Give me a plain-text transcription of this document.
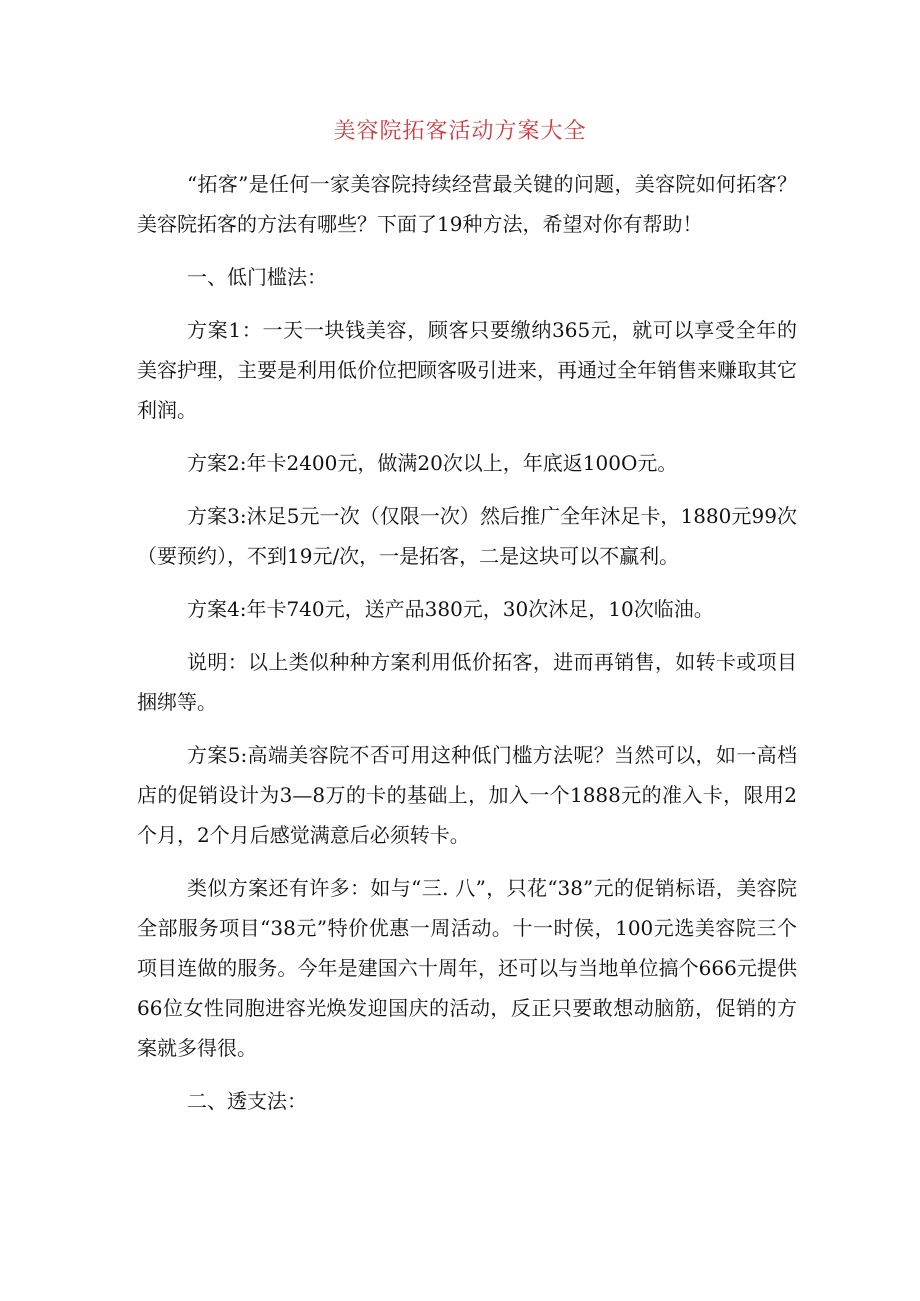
美容院拓客活动方案大全

“拓客”是任何一家美容院持续经营最关键的问题，美容院如何拓客？美容院拓客的方法有哪些？下面了19种方法，希望对你有帮助！

一、低门槛法：

方案1：一天一块钱美容，顾客只要缴纳365元，就可以享受全年的美容护理，主要是利用低价位把顾客吸引进来，再通过全年销售来赚取其它利润。

方案2:年卡2400元，做满20次以上，年底返100O元。

方案3:沐足5元一次（仅限一次）然后推广全年沐足卡，1880元99次（要预约），不到19元/次，一是拓客，二是这块可以不赢利。

方案4:年卡740元，送产品380元，30次沐足，10次临油。

说明：以上类似种种方案利用低价拓客，进而再销售，如转卡或项目捆绑等。

方案5:高端美容院不否可用这种低门槛方法呢？当然可以，如一高档店的促销设计为3—8万的卡的基础上，加入一个1888元的准入卡，限用2个月，2个月后感觉满意后必须转卡。

类似方案还有许多：如与“三. 八”，只花“38”元的促销标语，美容院全部服务项目“38元”特价优惠一周活动。十一时侯，100元选美容院三个项目连做的服务。今年是建国六十周年，还可以与当地单位搞个666元提供66位女性同胞进容光焕发迎国庆的活动，反正只要敢想动脑筋，促销的方案就多得很。

二、透支法：
